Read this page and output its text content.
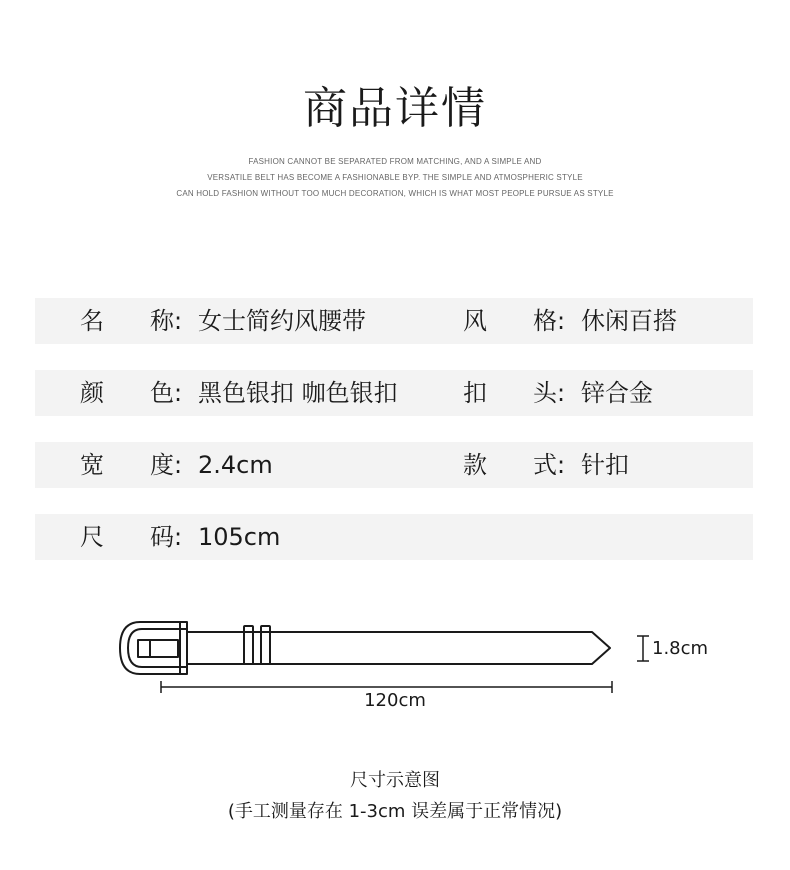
商品详情
FASHION CANNOT BE SEPARATED FROM MATCHING, AND A SIMPLE AND
VERSATILE BELT HAS BECOME A FASHIONABLE BYP. THE SIMPLE AND ATMOSPHERIC STYLE
CAN HOLD FASHION WITHOUT TOO MUCH DECORATION, WHICH IS WHAT MOST PEOPLE PURSUE AS STYLE
名 称: 女士简约风腰带	风 格: 休闲百搭
颜 色: 黑色银扣 咖色银扣	扣 头: 锌合金
宽 度: 2.4cm	款 式: 针扣
尺 码: 105cm
1.8cm
120cm
尺寸示意图
(手工测量存在 1-3cm 误差属于正常情况)
